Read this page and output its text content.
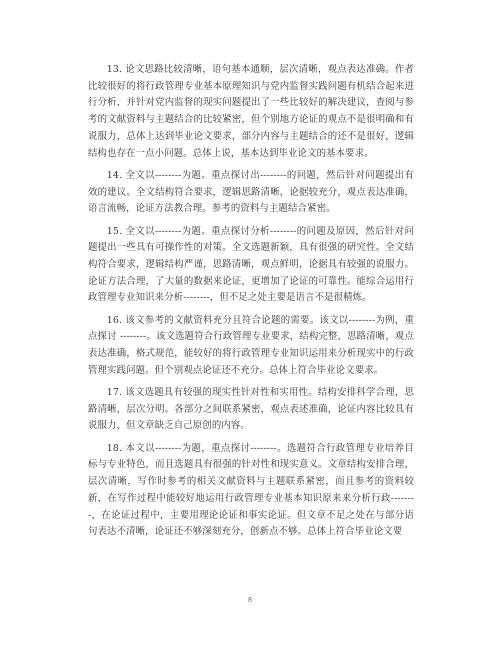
13. 论文思路比较清晰，语句基本通顺，层次清晰，观点表达准确。作者比较很好的将行政管理专业基本原理知识与党内监督实践问题有机结合起来进行分析，并针对党内监督的现实问题提出了一些比较好的解决建议，查阅与参考的文献资料与主题结合的比较紧密，但个别地方论证的观点不是很明确和有说服力，总体上达到毕业论文要求，部分内容与主题结合的还不是很好，逻辑结构也存在一点小问题。总体上说，基本达到毕业论文的基本要求。

14. 全文以--------为题。重点探讨出--------的问题，然后针对问题提出有效的建议。全文结构符合要求，逻辑思路清晰，论据较充分，观点表达准确，语言流畅，论证方法教合理。参考的资料与主题结合紧密。

15. 全文以--------为题。重点探讨分析--------的问题及原因，然后针对问题提出一些具有可操作性的对策。全文选题新颖，具有很强的研究性。全文结构符合要求，逻辑结构严谨，思路清晰，观点鲜明，论据具有较强的说服力。论证方法合理，了大量的数据来论证，更增加了论证的可靠性。能综合运用行政管理专业知识来分析--------，但不足之处主要是语言不是很精炼。

16. 该文参考的文献资料充分且符合论题的需要。该文以--------为例，重点探讨 --------。该文选题符合行政管理专业要求，结构完整，思路清晰，观点表达准确，格式规范，能较好的将行政管理专业知识运用来分析现实中的行政管理实践问题。但个别观点论证还不充分。总体上符合毕业论文要求。

17. 该文选题具有较强的现实性针对性和实用性。结构安排科学合理，思路清晰，层次分明。各部分之间联系紧密，观点表述准确，论证内容比较具有说服力，但文章缺乏自己原创的内容。

18. 本文以--------为题，重点探讨--------。选题符合行政管理专业培养目标与专业特色，而且选题具有很强的针对性和现实意义。文章结构安排合理，层次清晰，写作时参考的相关文献资料与主题联系紧密，而且参考的资料较新，在写作过程中能较好地运用行政管理专业基本知识原来来分析行政--------，在论证过程中，主要用理论论证和事实论证。但文章不足之处在与部分语句表达不清晰，论证还不够深刻充分，创新点不够。总体上符合毕业论文要

8
